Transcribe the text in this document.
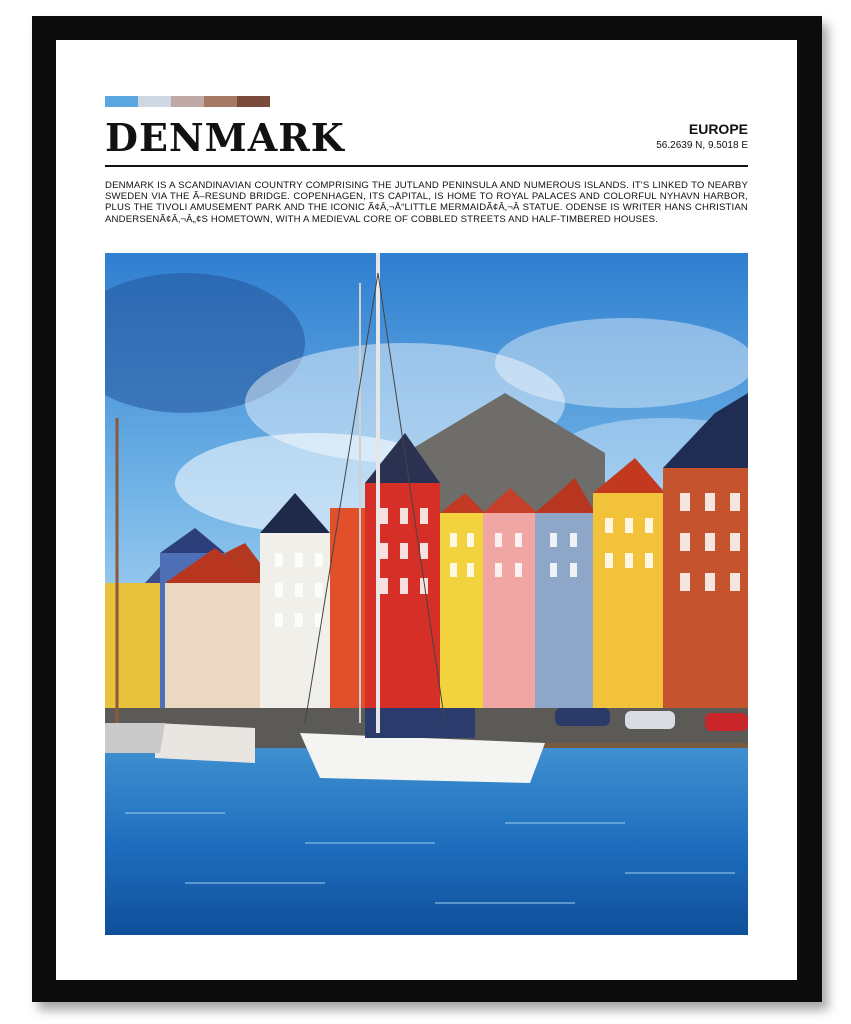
DENMARK	EUROPE
56.2639 N, 9.5018 E

DENMARK IS A SCANDINAVIAN COUNTRY COMPRISING THE JUTLAND PENINSULA AND NUMEROUS ISLANDS. IT'S LINKED TO NEARBY SWEDEN VIA THE Ã–RESUND BRIDGE. COPENHAGEN, ITS CAPITAL, IS HOME TO ROYAL PALACES AND COLORFUL NYHAVN HARBOR, PLUS THE TIVOLI AMUSEMENT PARK AND THE ICONIC Ã¢Â‚¬Å“LITTLE MERMAIDÃ¢Â‚¬Â STATUE. ODENSE IS WRITER HANS CHRISTIAN ANDERSENÃ¢Â‚¬Â„¢S HOMETOWN, WITH A MEDIEVAL CORE OF COBBLED STREETS AND HALF-TIMBERED HOUSES.
